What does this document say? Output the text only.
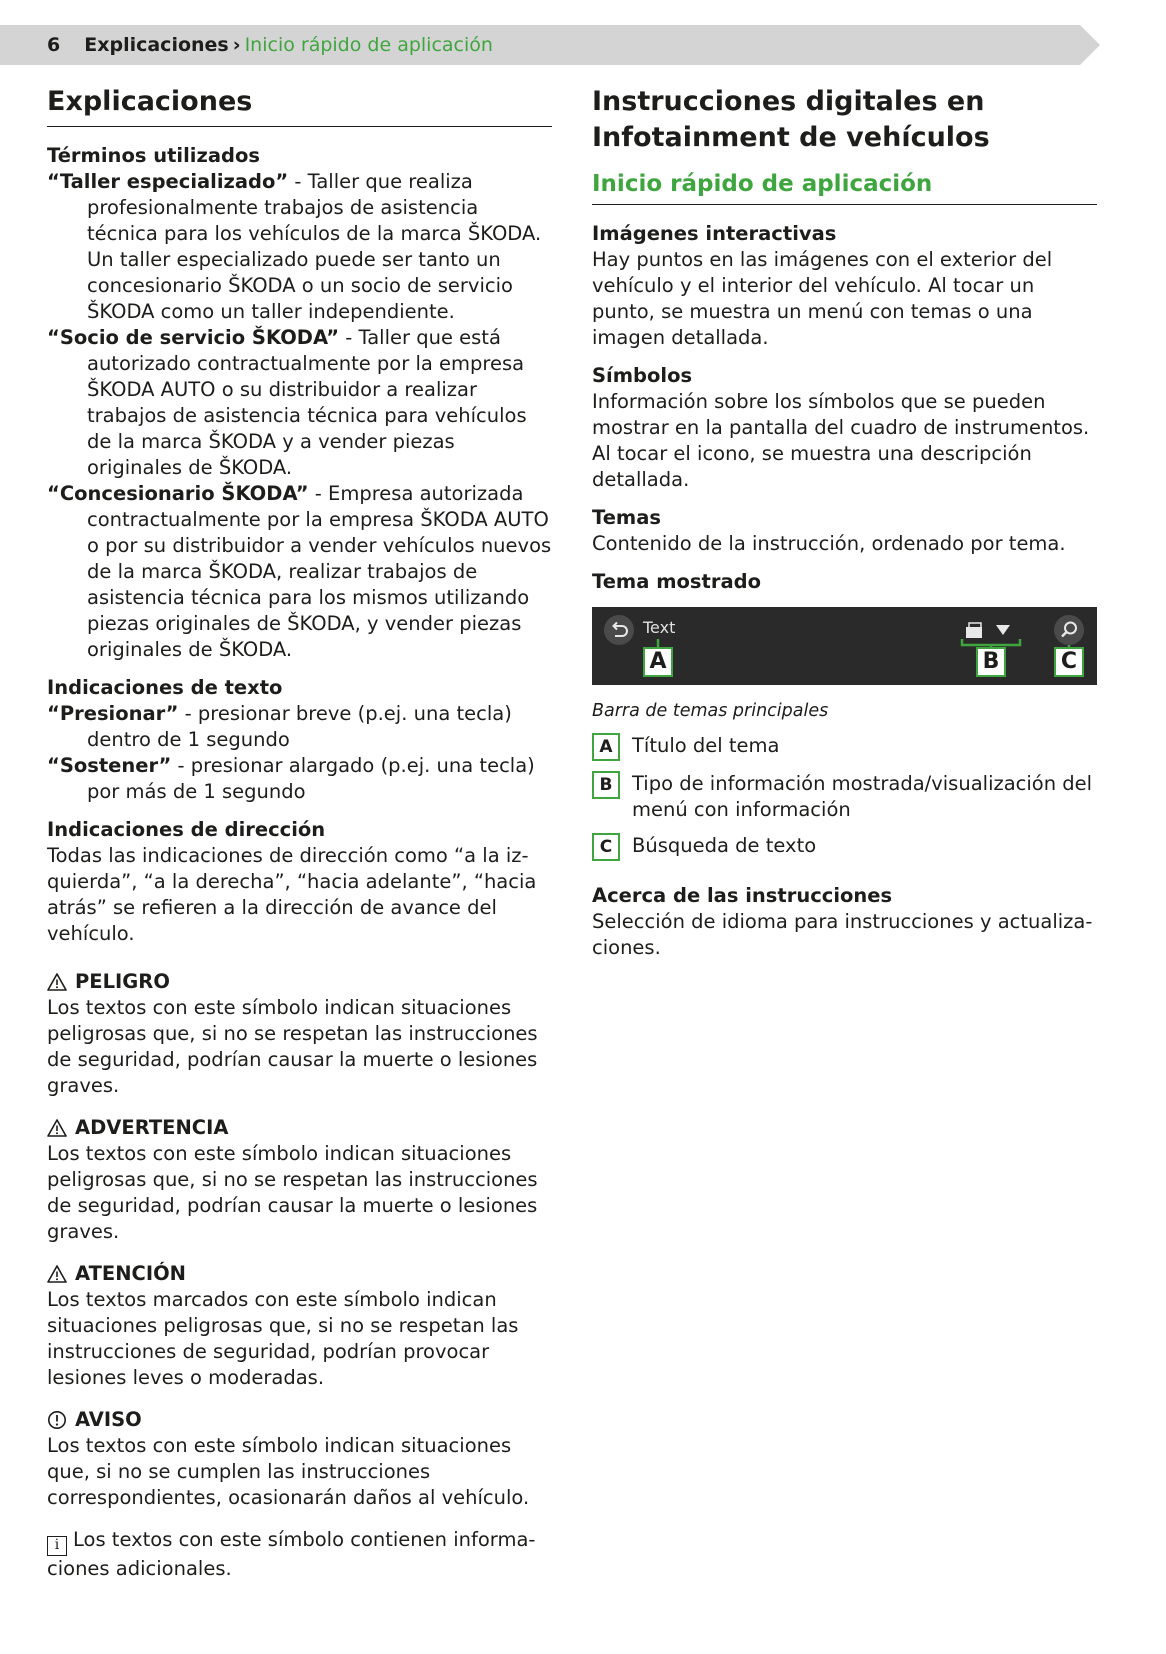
6 Explicaciones › Inicio rápido de aplicación
Explicaciones
Términos utilizados
“Taller especializado” - Taller que realiza profesionalmente trabajos de asistencia técnica para los vehículos de la marca ŠKODA. Un taller especializado puede ser tanto un concesionario ŠKODA o un socio de servicio ŠKODA como un taller independiente.
“Socio de servicio ŠKODA” - Taller que está autorizado contractualmente por la empresa ŠKODA AUTO o su distribuidor a realizar trabajos de asistencia técnica para vehículos de la marca ŠKODA y a vender piezas originales de ŠKODA.
“Concesionario ŠKODA” - Empresa autorizada contractualmente por la empresa ŠKODA AUTO o por su distribuidor a vender vehículos nuevos de la marca ŠKODA, realizar trabajos de asistencia técnica para los mismos utilizando piezas originales de ŠKODA, y vender piezas originales de ŠKODA.
Indicaciones de texto
“Presionar” - presionar breve (p.ej. una tecla) dentro de 1 segundo
“Sostener” - presionar alargado (p.ej. una tecla) por más de 1 segundo
Indicaciones de dirección
Todas las indicaciones de dirección como “a la izquierda”, “a la derecha”, “hacia adelante”, “hacia atrás” se refieren a la dirección de avance del vehículo.
PELIGRO
Los textos con este símbolo indican situaciones peligrosas que, si no se respetan las instrucciones de seguridad, podrían causar la muerte o lesiones graves.
ADVERTENCIA
Los textos con este símbolo indican situaciones peligrosas que, si no se respetan las instrucciones de seguridad, podrían causar la muerte o lesiones graves.
ATENCIÓN
Los textos marcados con este símbolo indican situaciones peligrosas que, si no se respetan las instrucciones de seguridad, podrían provocar lesiones leves o moderadas.
AVISO
Los textos con este símbolo indican situaciones que, si no se cumplen las instrucciones correspondientes, ocasionarán daños al vehículo.
i Los textos con este símbolo contienen informaciones adicionales.
Instrucciones digitales en Infotainment de vehículos
Inicio rápido de aplicación
Imágenes interactivas
Hay puntos en las imágenes con el exterior del vehículo y el interior del vehículo. Al tocar un punto, se muestra un menú con temas o una imagen detallada.
Símbolos
Información sobre los símbolos que se pueden mostrar en la pantalla del cuadro de instrumentos. Al tocar el icono, se muestra una descripción detallada.
Temas
Contenido de la instrucción, ordenado por tema.
Tema mostrado
Text
A	B	C
Barra de temas principales
A Título del tema
B	Tipo de información mostrada/visualización del menú con información
C	Búsqueda de texto
Acerca de las instrucciones
Selección de idioma para instrucciones y actualizaciones.
